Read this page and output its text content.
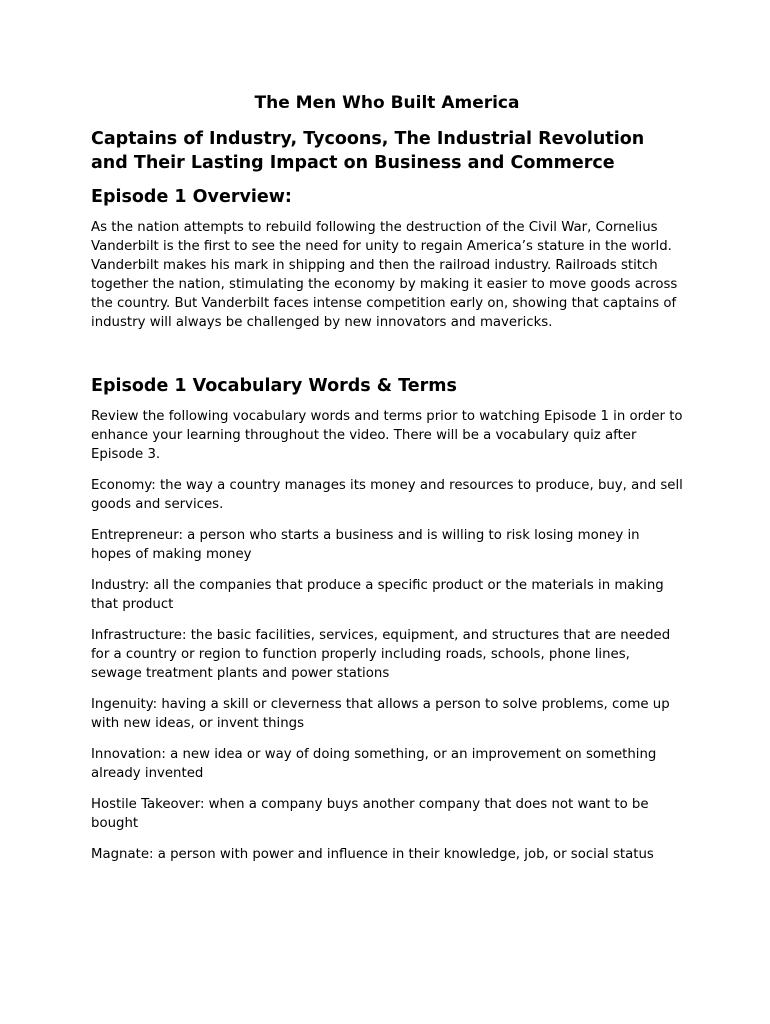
The Men Who Built America
Captains of Industry, Tycoons, The Industrial Revolution and Their Lasting Impact on Business and Commerce
Episode 1 Overview:

As the nation attempts to rebuild following the destruction of the Civil War, Cornelius Vanderbilt is the first to see the need for unity to regain America’s stature in the world. Vanderbilt makes his mark in shipping and then the railroad industry. Railroads stitch together the nation, stimulating the economy by making it easier to move goods across the country. But Vanderbilt faces intense competition early on, showing that captains of industry will always be challenged by new innovators and mavericks.

Episode 1 Vocabulary Words & Terms

Review the following vocabulary words and terms prior to watching Episode 1 in order to enhance your learning throughout the video. There will be a vocabulary quiz after Episode 3.

Economy: the way a country manages its money and resources to produce, buy, and sell goods and services.

Entrepreneur: a person who starts a business and is willing to risk losing money in hopes of making money

Industry: all the companies that produce a specific product or the materials in making that product

Infrastructure: the basic facilities, services, equipment, and structures that are needed for a country or region to function properly including roads, schools, phone lines, sewage treatment plants and power stations

Ingenuity: having a skill or cleverness that allows a person to solve problems, come up with new ideas, or invent things

Innovation: a new idea or way of doing something, or an improvement on something already invented

Hostile Takeover: when a company buys another company that does not want to be bought

Magnate: a person with power and influence in their knowledge, job, or social status
